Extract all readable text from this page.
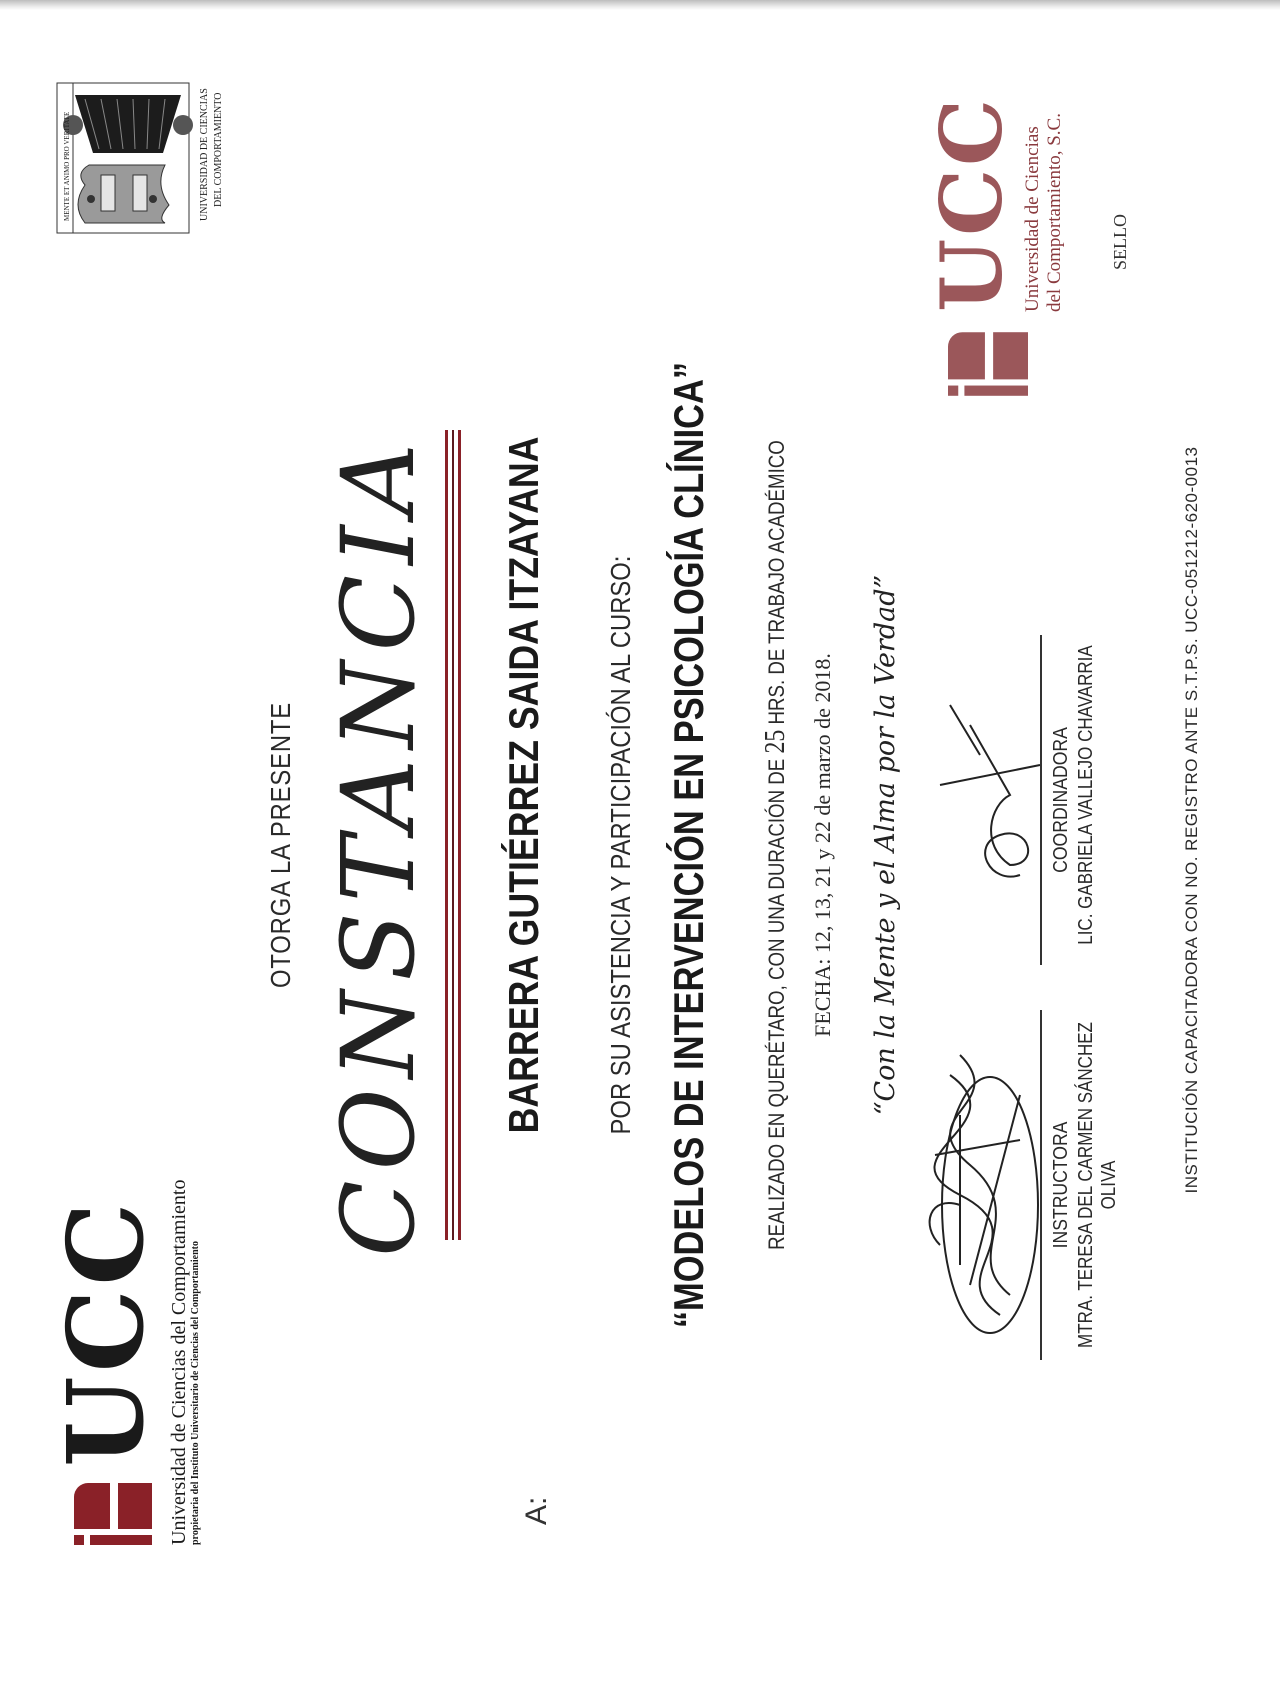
UCC Universidad de Ciencias del Comportamiento propietaria del Instituto Universitario de Ciencias del Comportamiento
MENTE ET ANIMO PRO VERITATE	UNIVERSIDAD DE CIENCIAS DEL COMPORTAMIENTO
OTORGA LA PRESENTE CONSTANCIA
A:
BARRERA GUTIÉRREZ SAIDA ITZAYANA POR SU ASISTENCIA Y PARTICIPACIÓN AL CURSO: “MODELOS DE INTERVENCIÓN EN PSICOLOGÍA CLÍNICA” REALIZADO EN QUERÉTARO, CON UNA DURACIÓN DE 25 HRS. DE TRABAJO ACADÉMICO
FECHA: 12, 13, 21 y 22 de marzo de 2018. “Con la Mente y el Alma por la Verdad”
INSTRUCTORA
COORDINADORA
MTRA. TERESA DEL CARMEN SÁNCHEZ OLIVA
LIC. GABRIELA VALLEJO CHAVARRIA
UCC Universidad de Ciencias del Comportamiento, S.C.	SELLO
INSTITUCIÓN CAPACITADORA CON NO. REGISTRO ANTE S.T.P.S. UCC-051212-620-0013
